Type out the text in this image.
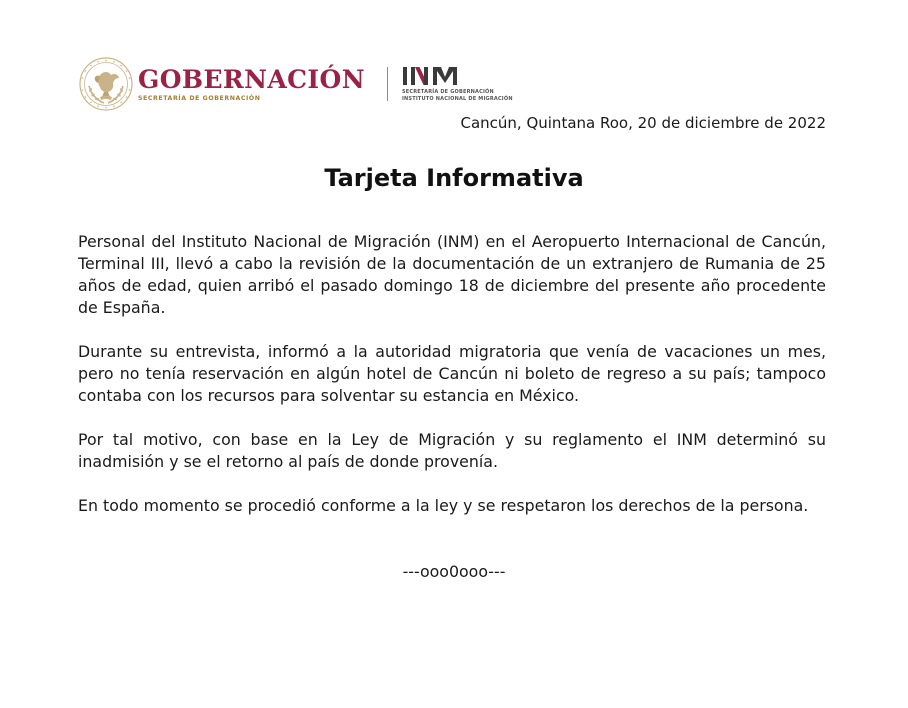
GOBERNACIÓN
SECRETARÍA DE GOBERNACIÓN
SECRETARÍA DE GOBERNACIÓN
INSTITUTO NACIONAL DE MIGRACIÓN
Cancún, Quintana Roo, 20 de diciembre de 2022
Tarjeta Informativa

Personal del Instituto Nacional de Migración (INM) en el Aeropuerto Internacional de Cancún, Terminal III, llevó a cabo la revisión de la documentación de un extranjero de Rumania de 25 años de edad, quien arribó el pasado domingo 18 de diciembre del presente año procedente de España.

Durante su entrevista, informó a la autoridad migratoria que venía de vacaciones un mes, pero no tenía reservación en algún hotel de Cancún ni boleto de regreso a su país; tampoco contaba con los recursos para solventar su estancia en México.

Por tal motivo, con base en la Ley de Migración y su reglamento el INM determinó su inadmisión y se el retorno al país de donde provenía.

En todo momento se procedió conforme a la ley y se respetaron los derechos de la persona.

---ooo0ooo---
